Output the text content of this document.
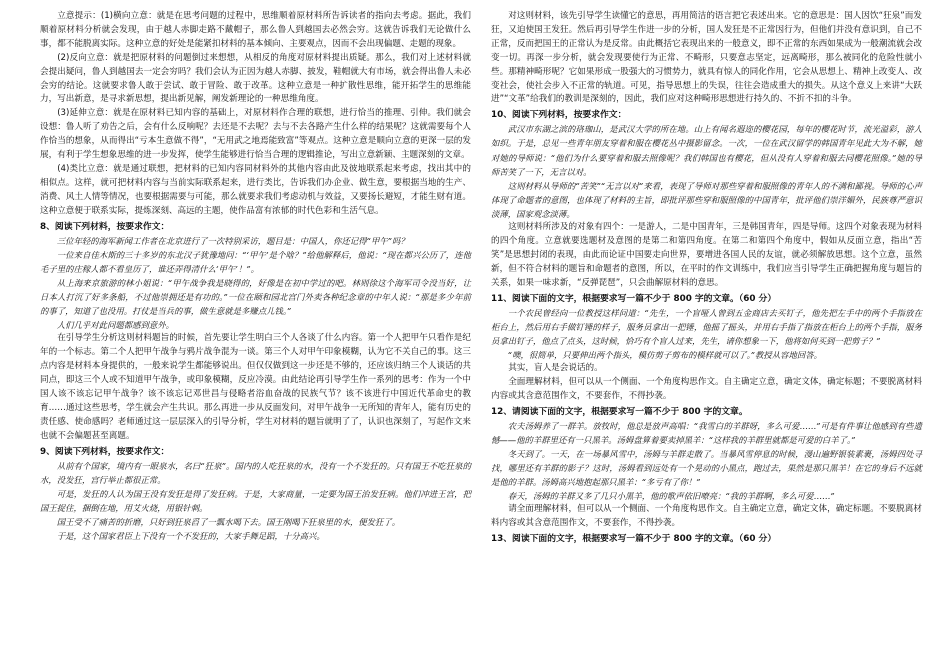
立意提示：(1)横向立意：就是在思考问题的过程中，思维顺着原材料所告诉读者的指向去考虑。据此，我们顺着原材料分析就会发现，由于越人赤脚走路不戴帽子，那么鲁人到越国去必然会穷。这就告诉我们无论做什么事，都不能脱离实际。这种立意的好处是能紧扣材料的基本倾向、主要观点，因而不会出现偏题、走题的现象。

(2)反向立意：就是把原材料的问题倒过来想想，从相反的角度对原材料提出质疑。那么，我们对上述材料就会提出疑问，鲁人到越国去一定会穷吗？我们会认为正因为越人赤脚、披发，鞋帽就大有市场，就会得出鲁人未必会穷的结论。这就要求鲁人敢于尝试、敢于冒险、敢于改革。这种立意是一种扩散性思维，能开拓学生的思维能力，写出新意，是寻求新思想，提出新见解，阐发新理论的一种思维角度。

(3)延伸立意：就是在原材料已知内容的基础上，对原材料作合理的联想，进行恰当的推理、引伸。我们就会设想：鲁人听了劝告之后，会有什么反响呢？去还是不去呢？去与不去各路产生什么样的结果呢？这就需要每个人作恰当的想象，从而得出“亏本生意做不得”，“无用武之地焉能致富”等观点。这种立意是顺向立意的更深一层的发展，有利于学生想象思维的进一步发挥，使学生能够进行恰当合理的逻辑推论，写出立意新颖、主题深刻的文章。

(4)类比立意：就是通过联想，把材料的已知内容同材料外的其他内容由此及彼地联系起来考虑，找出其中的相似点。这样，就可把材料内容与当前实际联系起来，进行类比，告诉我们办企业、做生意，要根据当地的生产、消费、风土人情等情况，也要根据需要与可能，那么就要求我们考虑动机与效益，又要扬长避短，才能生财有道。这种立意便于联系实际，提炼深刻、高远的主题，使作品富有浓郁的时代色彩和生活气息。

8、阅读下列材料，按要求作文：

三位年轻的海军新闻工作者在北京进行了一次特别采访，题目是：中国人，你还记得“甲午”吗？

一位来自佳木斯的三十多岁的东北汉子犹豫地问：“‘甲午’是个啥？”给他解释后，他说：“现在都兴公历了，连他毛子里的庄稼人都不看皇历了，谁还弄得清什么‘甲午’！”。

从上海来京旅游的林小姐说：“甲午战争我是晓得的，好像是在初中学过的吧。林则徐这个海军司令没当好，让日本人打沉了好多条船，不过他崇拥还是有功的。”一位在颐和园北宫门外卖各种纪念章的中年人说：“那是多少年前的事了，知道了也没用。打仗是当兵的事，做生意就是多赚点儿钱。”

人们几乎对此问题都感到意外。

在引导学生分析这则材料题旨的时候，首先要让学生明白三个人各谈了什么内容。第一个人把甲午只看作是纪年的一个标志。第二个人把甲午战争与鸦片战争混为一谈。第三个人对甲午印象模糊，认为它不关自己的事。这三点内容是材料本身提供的，一般来说学生都能够说出。但仅仅做到这一步还是不够的，还应该归纳三个人谈话的共同点，即这三个人或不知道甲午战争，或印象模糊，反应冷漠。由此结论再引导学生作一系列的思考：作为一个中国人该不该忘记甲午战争？该不该忘记邓世昌与侵略者浴血奋战的民族气节？该不该进行中国近代革命史的教育……通过这些思考，学生就会产生共识。那么再进一步从反面发问，对甲午战争一无所知的青年人，能有历史的责任感、使命感吗？老师通过这一层层深入的引导分析，学生对材料的题旨就明了了，认识也深刻了，写起作文来也就不会偏题甚至离题。

9、阅读下列材料，按要求作文：

从前有个国家，境内有一眼泉水，名曰“狂泉”。国内的人吃狂泉的水，没有一个不发狂的。只有国王不吃狂泉的水，没发狂，宫行举止都很正常。

可是，发狂的人认为国王没有发狂是得了发狂病。于是，大家商量，一定要为国王治发狂病。他们冲进王宫，把国王捉住，捆倒在地，用艾火烧，用银针刺。

国王受不了痛苦的折磨，只好到狂泉舀了一瓢水喝下去。国王刚喝下狂泉里的水，便发狂了。

于是，这个国家君臣上下没有一个不发狂的，大家手舞足蹈，十分高兴。

对这则材料，该先引导学生读懂它的意思，再用简洁的语言把它表述出来。它的意思是：国人因饮“狂泉”而发狂，又迫使国王发狂。然后再引导学生作进一步的分析，国人发狂是不正常因行为，但他们并没有意识到，自己不正常，反而把国王的正常认为是反常。由此概括它表现出来的一般意义，即不正常的东西如果成为一般潮流就会改变一切。再深一步分析，就会发现要使行为正常、不畸形，只要意志坚定，远离畸形，那么被同化的危险性就小些。那精神畸形呢？它如果形成一股强大的习惯势力，就具有惊人的同化作用，它会从思想上、精神上改变人、改变社会，使社会步入不正常的轨道。可见，指导思想上的失误，往往会造成重大的损失。从这个意义上来讲“大跃进”“文革”给我们的教训是深刻的，因此，我们应对这种畸形思想进行持久的、不折不扣的斗争。

10、阅读下列材料，按要求作文：

武汉市东湖之滨的珞珈山，是武汉大学的所在地。山上有闻名遐迩的樱花园，每年的樱花时节，流光溢彩，游人如织。于是，总见一些青年朋友穿着和服在樱花丛中摄影留念。一次，一位在武汉留学的韩国青年见此大为不解，她对她的导师说：“他们为什么要穿着和服去照像呢？我们韩国也有樱花，但从没有人穿着和服去同樱花照像。”她的导师苦笑了一下，无言以对。

这则材料从导师的“苦笑”“无言以对”来看，表现了导师对那些穿着和服照像的青年人的不满和鄙视。导师的心声体现了命题者的意图，也体现了材料的主旨，即批评那些穿和服照像的中国青年，批评他们崇洋媚外，民族尊严意识淡薄，国家观念淡薄。

这则材料所涉及的对象有四个：一是游人，二是中国青年，三是韩国青年，四是导师。这四个对象表现为材料的四个角度。立意就要选题材及意图的是第二和第四角度。在第二和第四个角度中，假如从反面立意，指出“苦笑”是思想封闭的表现，由此而论证中国要走向世界，要增进各国人民的友谊，就必须解放思想。这个立意，虽然新，但不符合材料的题旨和命题者的意图，所以，在平时的作文训练中，我们应当引导学生正确把握角度与题旨的关系，如果一味求新，“反弹琵琶”，只会曲解原材料的意思。

11、阅读下面的文字，根据要求写一篇不少于 800 字的文章。（60 分）

一个农民曾经向一位教授这样问道：“先生，一个盲哑人曾到五金商店去买钉子，他先把左手中的两个手指放在柜台上，然后用右手做钉锤的样子，服务员拿出一把锤，他摇了摇头，并用右手指了指放在柜台上的两个手指，服务员拿出钉子，他点了点头，这时候，恰巧有个盲人过来，先生，请你想象一下，他将如何买到一把剪子？”

“噢，很简单，只要伸出两个指头，模仿剪子剪布的模样就可以了。”教授从容地回答。

其实，盲人是会说话的。

全面理解材料，但可以从一个侧面、一个角度构思作文。自主确定立意，确定文体，确定标题；不要脱离材料内容或其含意范围作文，不要套作，不得抄袭。

12、请阅读下面的文字，根据要求写一篇不少于 800 字的文章。

农夫汤姆养了一群羊。放牧时，他总是放声高唱：“我雪白的羊群呀，多么可爱……”可是有件事让他感到有些遗憾——他的羊群里还有一只黑羊。汤姆盘算着要卖掉黑羊：“这样我的羊群里就都是可爱的白羊了。”

冬天到了。一天，在一场暴风雪中，汤姆与羊群走散了。当暴风雪停息的时候，漫山遍野银装素裹，汤姆四处寻找，哪里还有羊群的影子？这时，汤姆看到远处有一个晃动的小黑点，跑过去，果然是那只黑羊！在它的身后不远就是他的羊群。汤姆高兴地抱起那只黑羊：“多亏有了你！”

春天，汤姆的羊群又多了几只小黑羊，他的歌声依旧嘹亮：“我的羊群啊，多么可爱……”

请全面理解材料，但可以从一个侧面、一个角度构思作文。自主确定立意，确定文体，确定标题。不要脱离材料内容或其含意范围作文，不要套作，不得抄袭。

13、阅读下面的文字，根据要求写一篇不少于 800 字的文章。（60 分）
